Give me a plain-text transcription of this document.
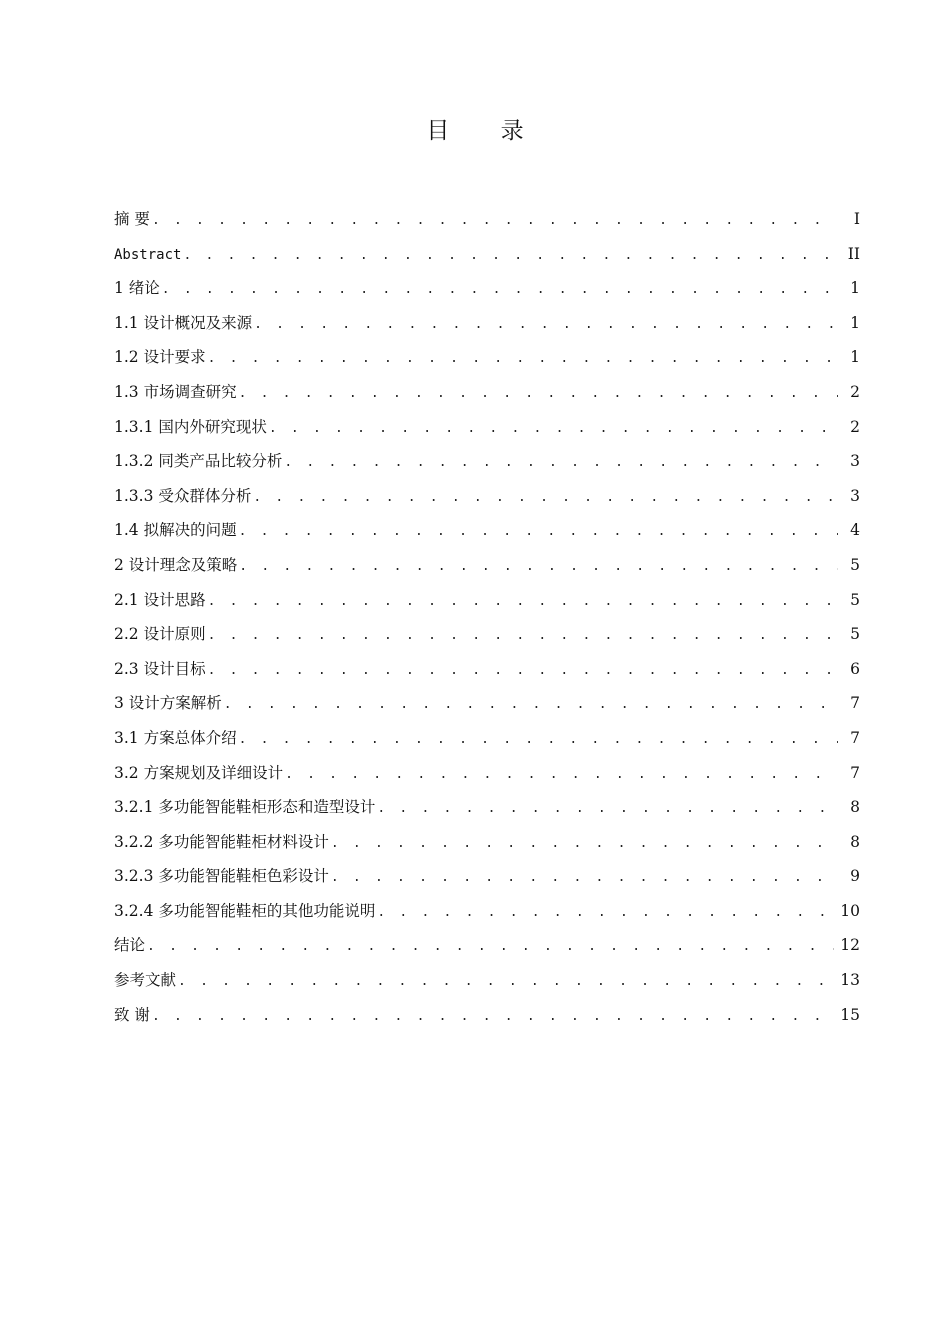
目 录
摘 要 . . .	I
Abstract . . .	II
1 绪论 . . .	1
1.1 设计概况及来源 . . .	1
1.2 设计要求 . . .	1
1.3 市场调查研究 . . .	2
1.3.1 国内外研究现状 . . .	2
1.3.2 同类产品比较分析 . . .	3
1.3.3 受众群体分析 . . .	3
1.4 拟解决的问题 . . .	4
2 设计理念及策略 . . .	5
2.1 设计思路 . . .	5
2.2 设计原则 . . .	5
2.3 设计目标 . . .	6
3 设计方案解析 . . .	7
3.1 方案总体介绍 . . .	7
3.2 方案规划及详细设计 . . .	7
3.2.1 多功能智能鞋柜形态和造型设计 . . .	8
3.2.2 多功能智能鞋柜材料设计 . . .	8
3.2.3 多功能智能鞋柜色彩设计 . . .	9
3.2.4 多功能智能鞋柜的其他功能说明 . . .	10
结论 . . .	12
参考文献 . . .	13
致 谢 . . .	15
